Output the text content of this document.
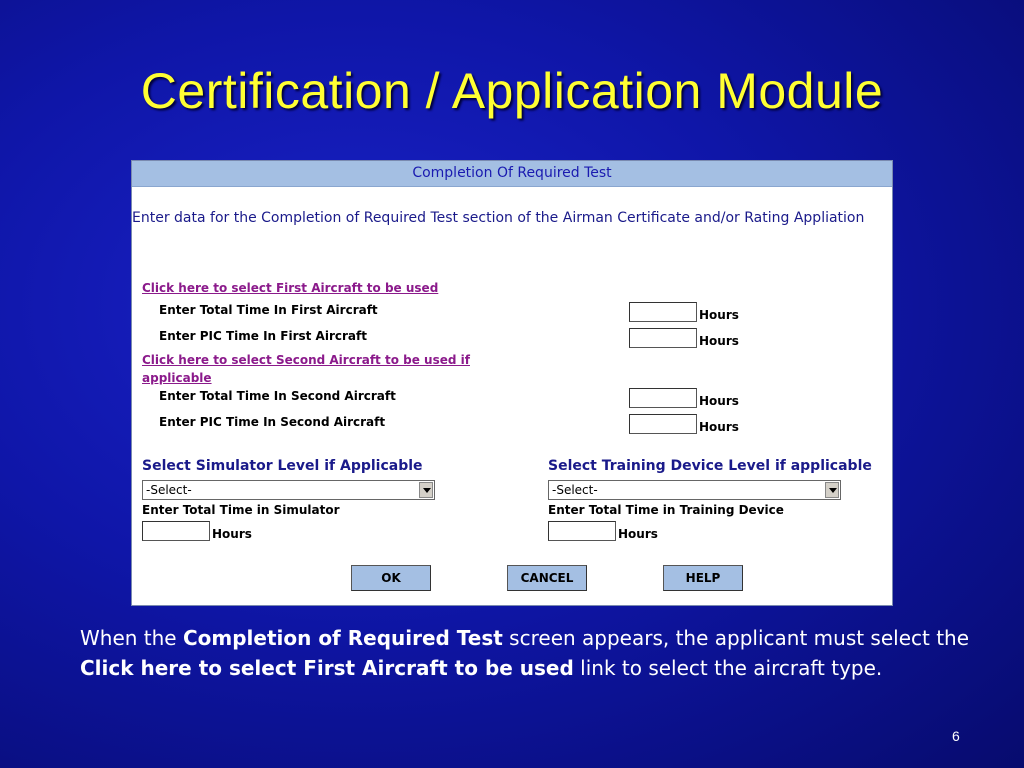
Certification / Application Module
Completion Of Required Test
Enter data for the Completion of Required Test section of the Airman Certificate and/or Rating Appliation
Click here to select First Aircraft to be used
Enter Total Time In First Aircraft	Hours
Enter PIC Time In First Aircraft	Hours
Click here to select Second Aircraft to be used if
applicable
Enter Total Time In Second Aircraft	Hours
Enter PIC Time In Second Aircraft	Hours
Select Simulator Level if Applicable
-Select-
Enter Total Time in Simulator
Hours
Select Training Device Level if applicable
-Select-
Enter Total Time in Training Device
Hours
OK	CANCEL	HELP
When the Completion of Required Test screen appears, the applicant must select the Click here to select First Aircraft to be used link to select the aircraft type.
6
